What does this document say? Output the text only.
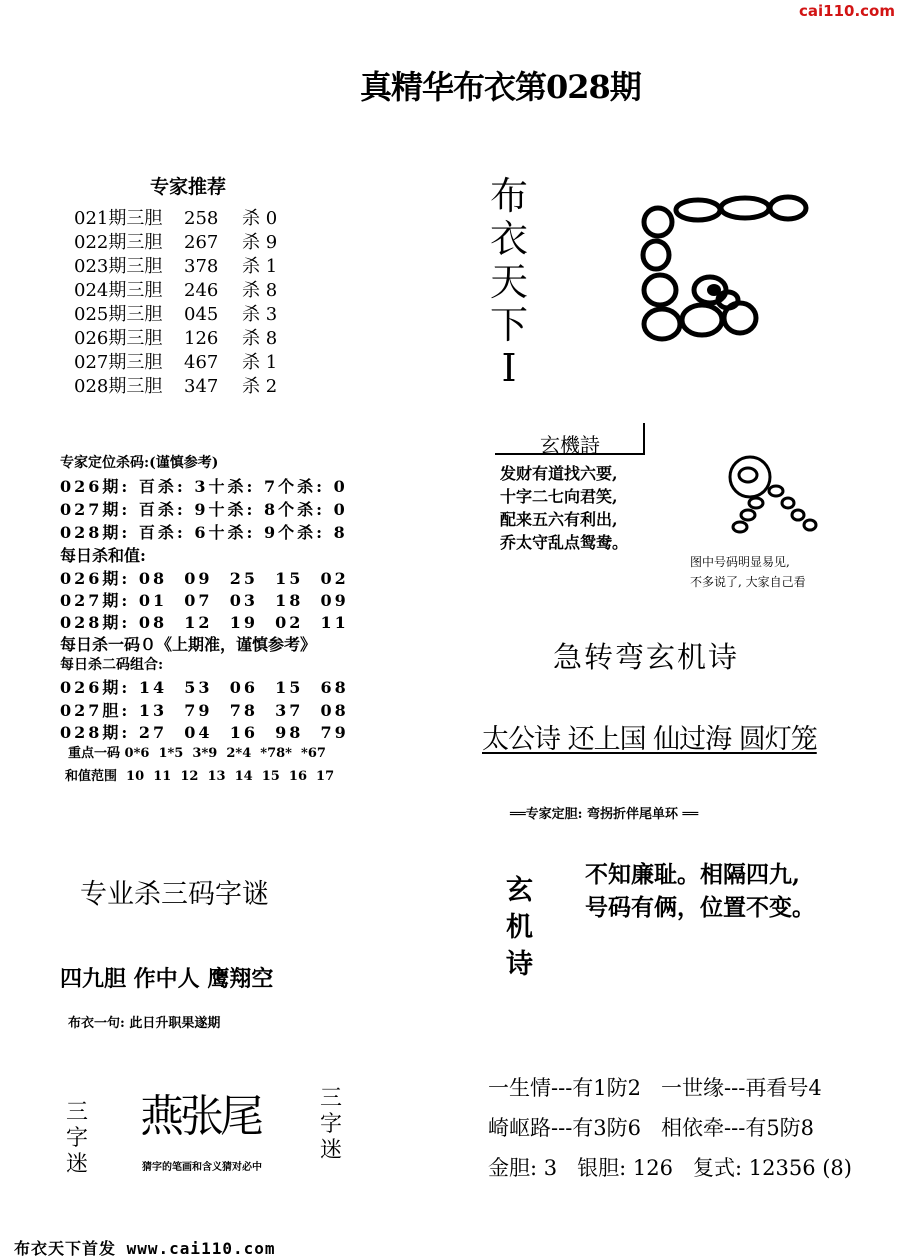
cai110.com
真精华布衣第028期
专家推荐
021期三胆 258 杀 0
022期三胆 267 杀 9
023期三胆 378 杀 1
024期三胆 246 杀 8
025期三胆 045 杀 3
026期三胆 126 杀 8
027期三胆 467 杀 1
028期三胆 347 杀 2
专家定位杀码:(谨慎参考)
026期: 百杀: 3十杀: 7个杀: 0
027期: 百杀: 9十杀: 8个杀: 0
028期: 百杀: 6十杀: 9个杀: 8
每日杀和值:
026期: 08  09  25  15  02
027期: 01  07  03  18  09
028期: 08  12  19  02  11
每日杀一码０《上期准，谨慎参考》
每日杀二码组合:
026期: 14  53  06  15  68
027胆: 13  79  78  37  08
028期: 27  04  16  98  79
重点一码 0*6  1*5  3*9  2*4  *78*  *67
和值范围  10  11  12  13  14  15  16  17
专业杀三码字谜
四九胆 作中人 鹰翔空
布衣一句: 此日升职果遂期
三
字
迷
燕张尾
猜字的笔画和含义猜对必中
三
字
迷
布衣天下首发 www.cai110.com
布
衣
天
下
I
玄機詩
发财有道找六要,
十字二七向君笑,
配来五六有利出,
乔太守乱点鸳鸯。
图中号码明显易见,
不多说了, 大家自己看
急转弯玄机诗
太公诗 还上国 仙过海 圆灯笼
══专家定胆: 弯拐折伴尾单环 ══
玄
机
诗
不知廉耻。相隔四九,
号码有俩，位置不变。
一生情---有1防2   一世缘---再看号4
崎岖路---有3防6   相依牵---有5防8
金胆: 3   银胆: 126   复式: 12356 (8)
